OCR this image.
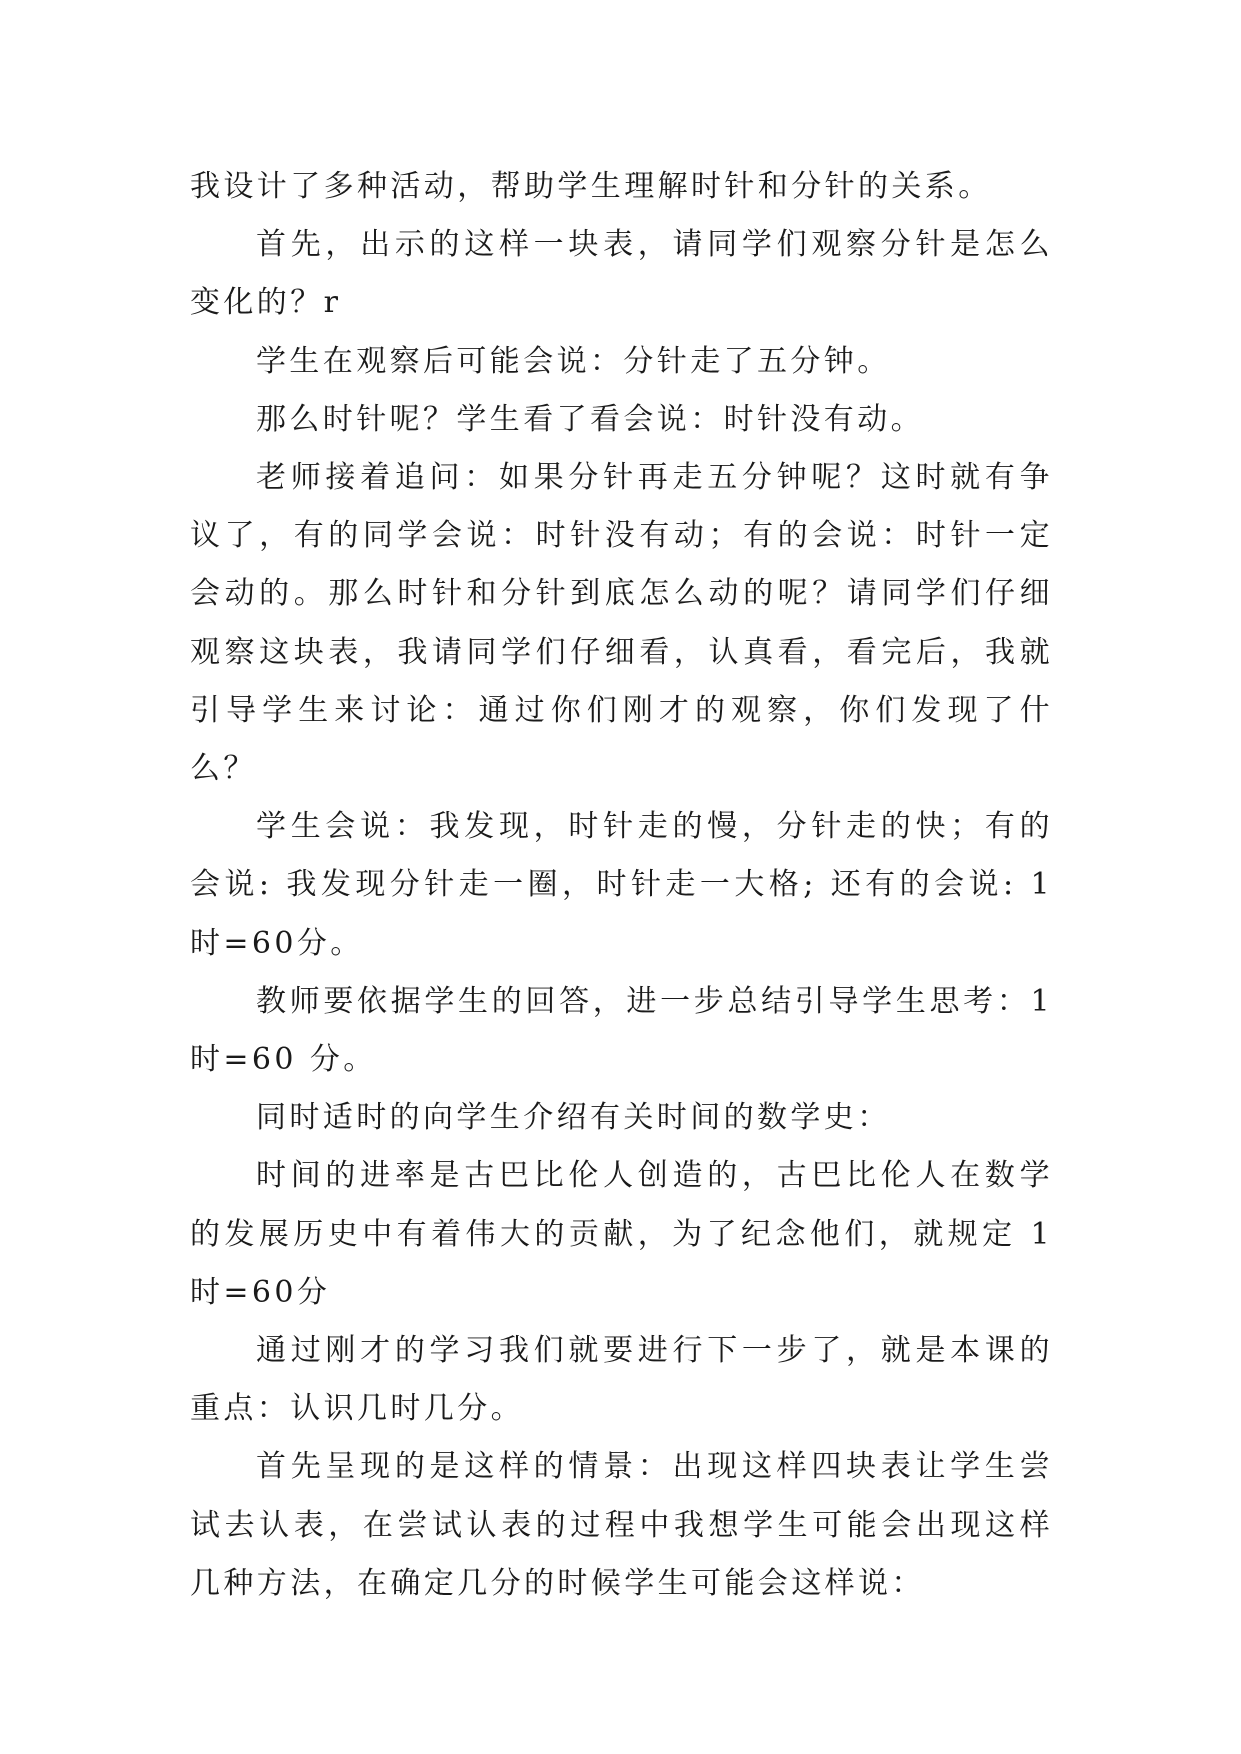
我设计了多种活动，帮助学生理解时针和分针的关系。

首先，出示的这样一块表，请同学们观察分针是怎么变化的？r

学生在观察后可能会说：分针走了五分钟。

那么时针呢？学生看了看会说：时针没有动。

老师接着追问：如果分针再走五分钟呢？这时就有争议了，有的同学会说：时针没有动；有的会说：时针一定会动的。那么时针和分针到底怎么动的呢？请同学们仔细观察这块表，我请同学们仔细看，认真看，看完后，我就引导学生来讨论：通过你们刚才的观察，你们发现了什么？

学生会说：我发现，时针走的慢，分针走的快；有的会说: 我发现分针走一圈，时针走一大格; 还有的会说: 1 时=60分。

教师要依据学生的回答，进一步总结引导学生思考：1时=60 分。

同时适时的向学生介绍有关时间的数学史：

时间的进率是古巴比伦人创造的，古巴比伦人在数学的发展历史中有着伟大的贡献，为了纪念他们，就规定 1 时=60分

通过刚才的学习我们就要进行下一步了，就是本课的重点：认识几时几分。

首先呈现的是这样的情景：出现这样四块表让学生尝试去认表，在尝试认表的过程中我想学生可能会出现这样几种方法，在确定几分的时候学生可能会这样说：
